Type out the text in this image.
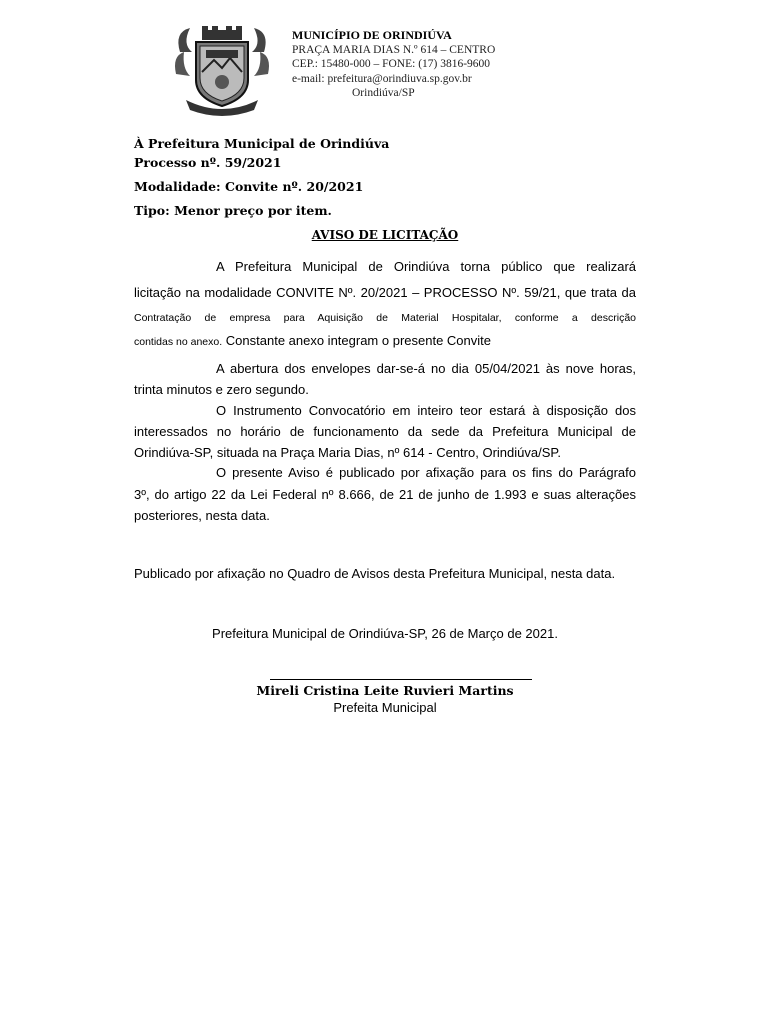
MUNICÍPIO DE ORINDIÚVA
PRAÇA MARIA DIAS N.º 614 – CENTRO
CEP.: 15480-000 – FONE: (17) 3816-9600
e-mail: prefeitura@orindiuva.sp.gov.br
Orindiúva/SP
À Prefeitura Municipal de Orindiúva
Processo nº. 59/2021
Modalidade: Convite nº. 20/2021
Tipo: Menor preço por item.
AVISO DE LICITAÇÃO
A Prefeitura Municipal de Orindiúva torna público que realizará
licitação na modalidade CONVITE Nº. 20/2021 – PROCESSO Nº. 59/21, que trata da
Contratação de empresa para Aquisição de Material Hospitalar, conforme a descrição
contidas no anexo. Constante anexo integram o presente Convite
A abertura dos envelopes dar-se-á no dia 05/04/2021 às nove horas,
trinta minutos e zero segundo.
O Instrumento Convocatório em inteiro teor estará à disposição dos
interessados no horário de funcionamento da sede da Prefeitura Municipal de
Orindiúva-SP, situada na Praça Maria Dias, nº 614 - Centro, Orindiúva/SP.
O presente Aviso é publicado por afixação para os fins do Parágrafo
3º, do artigo 22 da Lei Federal nº 8.666, de 21 de junho de 1.993 e suas alterações
posteriores, nesta data.
Publicado por afixação no Quadro de Avisos desta Prefeitura Municipal, nesta data.
Prefeitura Municipal de Orindiúva-SP, 26 de Março de 2021.
Mireli Cristina Leite Ruvieri Martins
Prefeita Municipal
